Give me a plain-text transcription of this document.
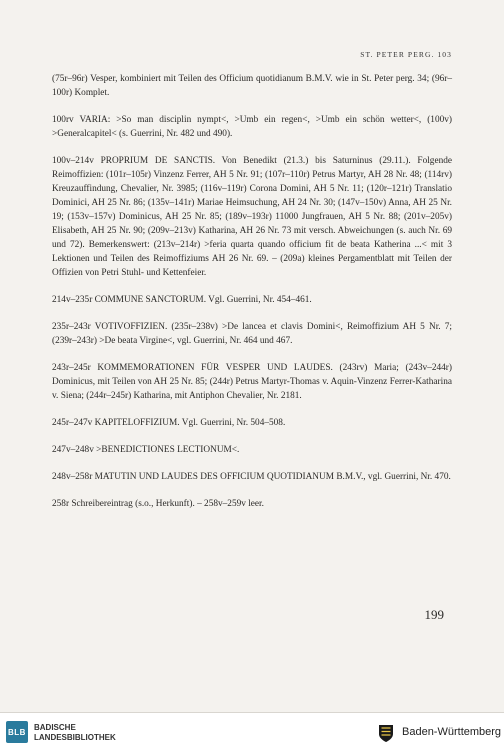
ST. PETER PERG. 103

(75r–96r) Vesper, kombiniert mit Teilen des Officium quotidianum B.M.V. wie in St. Peter perg. 34; (96r–100r) Komplet.

100rv VARIA: >So man disciplin nympt<, >Umb ein regen<, >Umb ein schön wetter<, (100v) >Generalcapitel< (s. Guerrini, Nr. 482 und 490).

100v–214v PROPRIUM DE SANCTIS. Von Benedikt (21.3.) bis Saturninus (29.11.). Folgende Reimoffizien: (101r–105r) Vinzenz Ferrer, AH 5 Nr. 91; (107r–110r) Petrus Martyr, AH 28 Nr. 48; (114rv) Kreuzauffindung, Chevalier, Nr. 3985; (116v–119r) Corona Domini, AH 5 Nr. 11; (120r–121r) Translatio Dominici, AH 25 Nr. 86; (135v–141r) Mariae Heimsuchung, AH 24 Nr. 30; (147v–150v) Anna, AH 25 Nr. 19; (153v–157v) Dominicus, AH 25 Nr. 85; (189v–193r) 11000 Jungfrauen, AH 5 Nr. 88; (201v–205v) Elisabeth, AH 25 Nr. 90; (209v–213v) Katharina, AH 26 Nr. 73 mit versch. Abweichungen (s. auch Nr. 69 und 72). Bemerkenswert: (213v–214r) >feria quarta quando officium fit de beata Katherina ...< mit 3 Lektionen und Teilen des Reimoffiziums AH 26 Nr. 69. – (209a) kleines Pergamentblatt mit Teilen der Offizien von Petri Stuhl- und Kettenfeier.

214v–235r COMMUNE SANCTORUM. Vgl. Guerrini, Nr. 454–461.

235r–243r VOTIVOFFIZIEN. (235r–238v) >De lancea et clavis Domini<, Reimoffizium AH 5 Nr. 7; (239r–243r) >De beata Virgine<, vgl. Guerrini, Nr. 464 und 467.

243r–245r KOMMEMORATIONEN FÜR VESPER UND LAUDES. (243rv) Maria; (243v–244r) Dominicus, mit Teilen von AH 25 Nr. 85; (244r) Petrus Martyr-Thomas v. Aquin-Vinzenz Ferrer-Katharina v. Siena; (244r–245r) Katharina, mit Antiphon Chevalier, Nr. 2181.

245r–247v KAPITELOFFIZIUM. Vgl. Guerrini, Nr. 504–508.

247v–248v >BENEDICTIONES LECTIONUM<.

248v–258r MATUTIN UND LAUDES DES OFFICIUM QUOTIDIANUM B.M.V., vgl. Guerrini, Nr. 470.

258r Schreibereintrag (s.o., Herkunft). – 258v–259v leer.

199
BLB BADISCHE
LANDESBIBLIOTHEK	Baden-Württemberg
